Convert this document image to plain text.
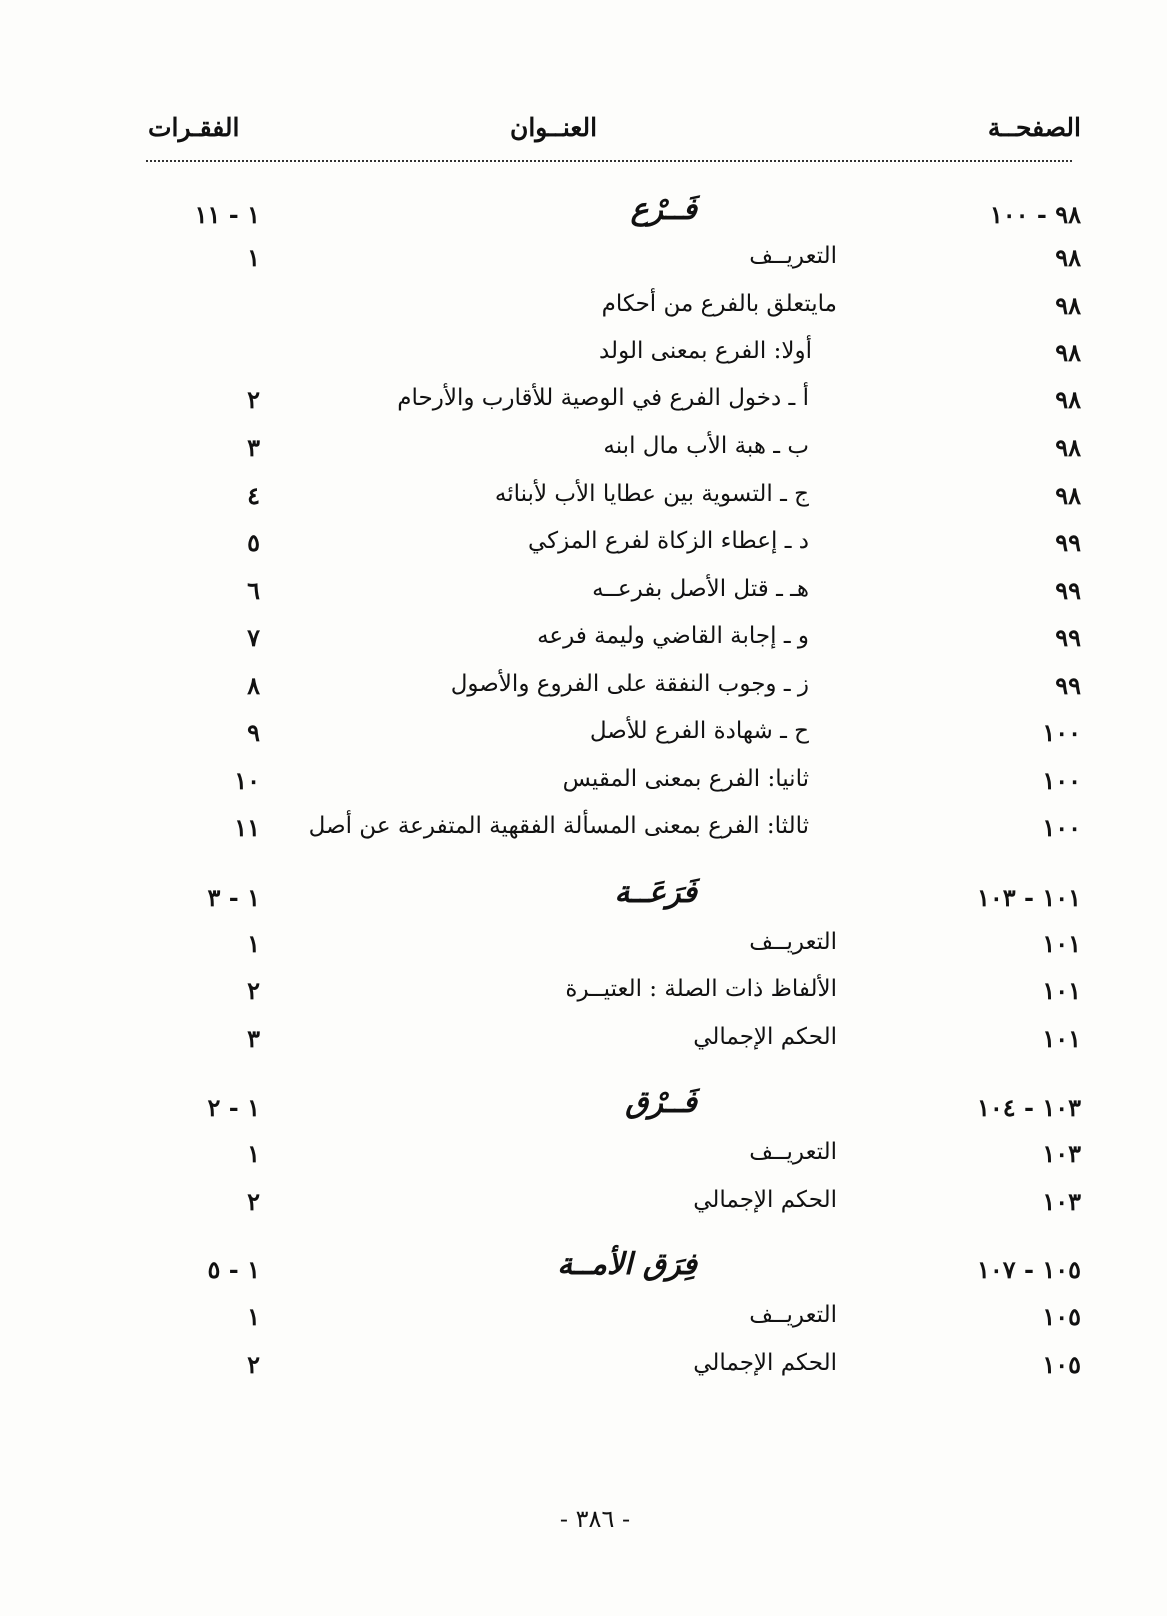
الصفحــة
العنــوان
الفقـرات
٩٨ - ١٠٠
فَــرْع
١ - ١١
٩٨
التعريــف
١
٩٨
مايتعلق بالفرع من أحكام
٩٨
أولا: الفرع بمعنى الولد
٩٨
أ ـ دخول الفرع في الوصية للأقارب والأرحام
٢
٩٨
ب ـ هبة الأب مال ابنه
٣
٩٨
ج ـ التسوية بين عطايا الأب لأبنائه
٤
٩٩
د ـ إعطاء الزكاة لفرع المزكي
٥
٩٩
هـ ـ قتل الأصل بفرعــه
٦
٩٩
و ـ إجابة القاضي وليمة فرعه
٧
٩٩
ز ـ وجوب النفقة على الفروع والأصول
٨
١٠٠
ح ـ شهادة الفرع للأصل
٩
١٠٠
ثانيا: الفرع بمعنى المقيس
١٠
١٠٠
ثالثا: الفرع بمعنى المسألة الفقهية المتفرعة عن أصل
١١
١٠١ - ١٠٣
فَرَعَــة
١ - ٣
١٠١
التعريــف
١
١٠١
الألفاظ ذات الصلة : العتيــرة
٢
١٠١
الحكم الإجمالي
٣
١٠٣ - ١٠٤
فَــرْق
١ - ٢
١٠٣
التعريــف
١
١٠٣
الحكم الإجمالي
٢
١٠٥ - ١٠٧
فِرَق الأمــة
١ - ٥
١٠٥
التعريــف
١
١٠٥
الحكم الإجمالي
٢
- ٣٨٦ -
